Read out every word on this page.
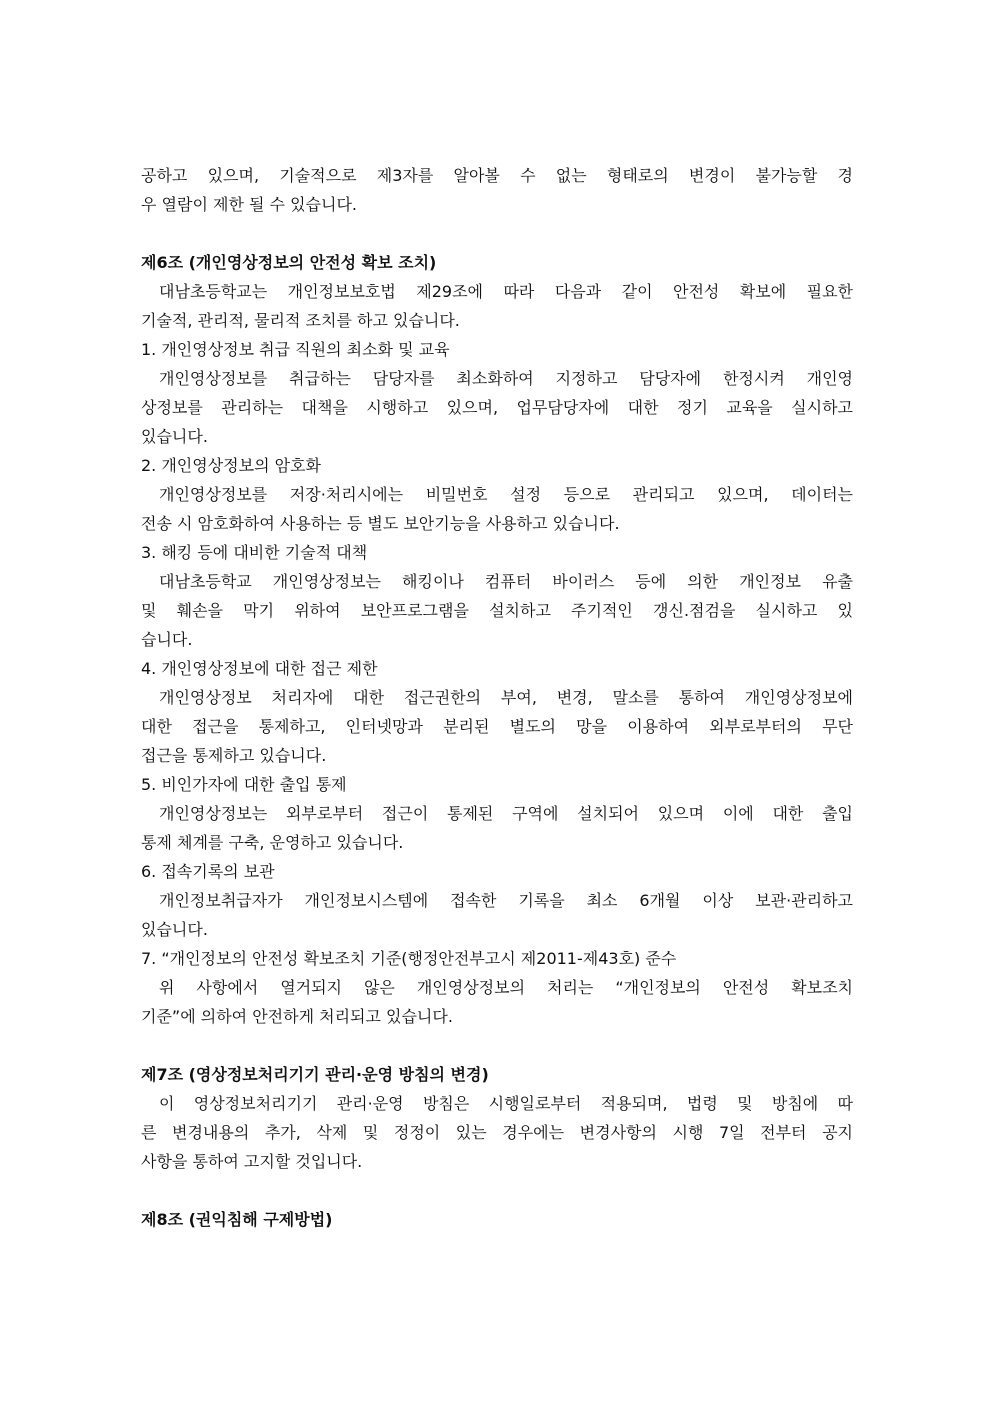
공하고 있으며, 기술적으로 제3자를 알아볼 수 없는 형태로의 변경이 불가능할 경
우 열람이 제한 될 수 있습니다.
제6조 (개인영상정보의 안전성 확보 조치)
대남초등학교는 개인정보보호법 제29조에 따라 다음과 같이 안전성 확보에 필요한
기술적, 관리적, 물리적 조치를 하고 있습니다.
1. 개인영상정보 취급 직원의 최소화 및 교육
개인영상정보를 취급하는 담당자를 최소화하여 지정하고 담당자에 한정시켜 개인영
상정보를 관리하는 대책을 시행하고 있으며, 업무담당자에 대한 정기 교육을 실시하고
있습니다.
2. 개인영상정보의 암호화
개인영상정보를 저장·처리시에는 비밀번호 설정 등으로 관리되고 있으며, 데이터는
전송 시 암호화하여 사용하는 등 별도 보안기능을 사용하고 있습니다.
3. 해킹 등에 대비한 기술적 대책
대남초등학교 개인영상정보는 해킹이나 컴퓨터 바이러스 등에 의한 개인정보 유출
및 훼손을 막기 위하여 보안프로그램을 설치하고 주기적인 갱신.점검을 실시하고 있
습니다.
4. 개인영상정보에 대한 접근 제한
개인영상정보 처리자에 대한 접근권한의 부여, 변경, 말소를 통하여 개인영상정보에
대한 접근을 통제하고, 인터넷망과 분리된 별도의 망을 이용하여 외부로부터의 무단
접근을 통제하고 있습니다.
5. 비인가자에 대한 출입 통제
개인영상정보는 외부로부터 접근이 통제된 구역에 설치되어 있으며 이에 대한 출입
통제 체계를 구축, 운영하고 있습니다.
6. 접속기록의 보관
개인정보취급자가 개인정보시스템에 접속한 기록을 최소 6개월 이상 보관·관리하고
있습니다.
7. “개인정보의 안전성 확보조치 기준(행정안전부고시 제2011-제43호) 준수
위 사항에서 열거되지 않은 개인영상정보의 처리는 “개인정보의 안전성 확보조치
기준”에 의하여 안전하게 처리되고 있습니다.
제7조 (영상정보처리기기 관리·운영 방침의 변경)
이 영상정보처리기기 관리·운영 방침은 시행일로부터 적용되며, 법령 및 방침에 따
른 변경내용의 추가, 삭제 및 정정이 있는 경우에는 변경사항의 시행 7일 전부터 공지
사항을 통하여 고지할 것입니다.
제8조 (권익침해 구제방법)
